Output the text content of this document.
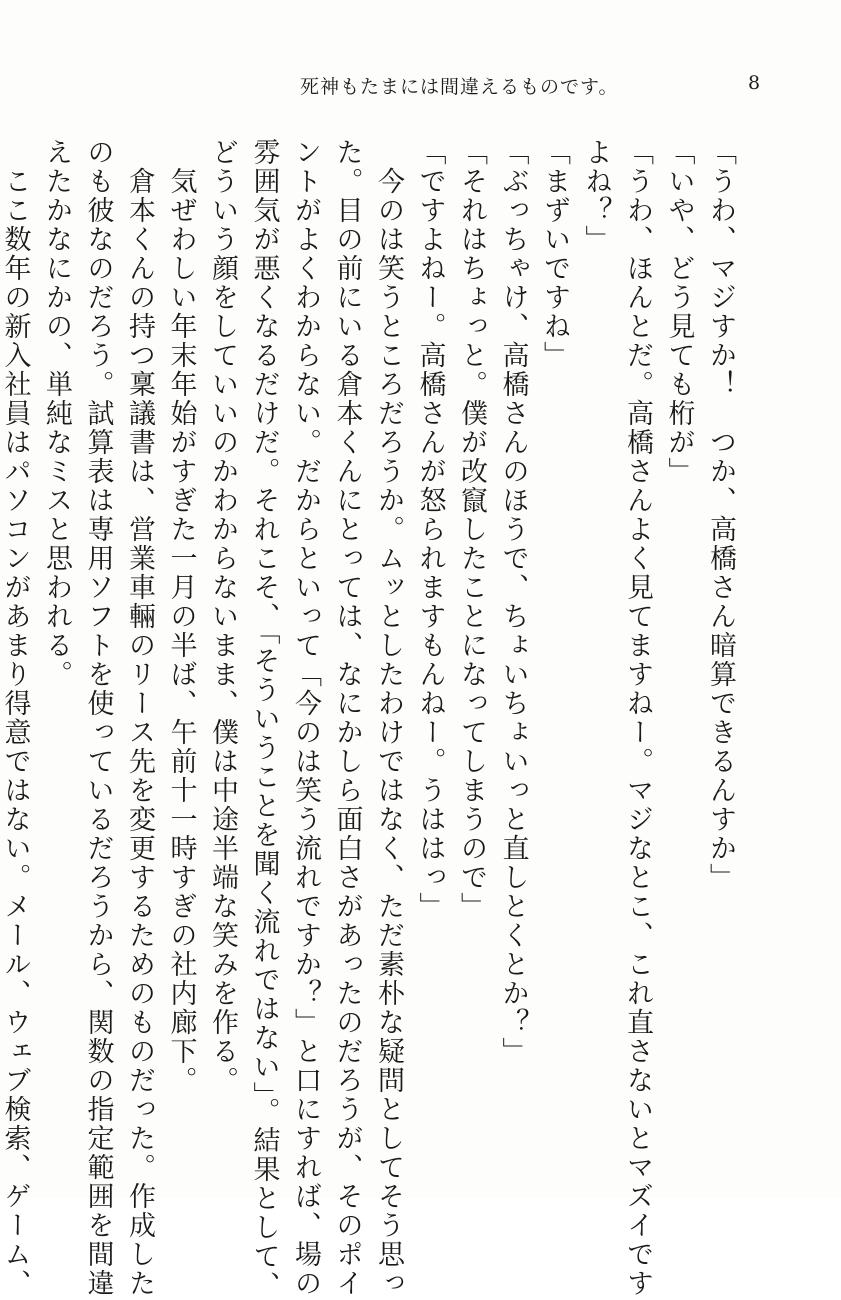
死神もたまには間違えるものです。	8
「うわ、マジすか！　つか、高橋さん暗算できるんすか」
「いや、どう見ても桁が」
「うわ、ほんとだ。高橋さんよく見てますねー。マジなとこ、これ直さないとマズイです
よね？」
「まずいですね」
「ぶっちゃけ、高橋さんのほうで、ちょいちょいっと直しとくとか？」
「それはちょっと。僕が改竄したことになってしまうので」
「ですよねー。高橋さんが怒られますもんねー。うははっ」
　今のは笑うところだろうか。ムッとしたわけではなく、ただ素朴な疑問としてそう思っ
た。目の前にいる倉本くんにとっては、なにかしら面白さがあったのだろうが、そのポイ
ントがよくわからない。だからといって「今のは笑う流れですか？」と口にすれば、場の
雰囲気が悪くなるだけだ。それこそ、「そういうことを聞く流れではない」。結果として、
どういう顔をしていいのかわからないまま、僕は中途半端な笑みを作る。
　気ぜわしい年末年始がすぎた一月の半ば、午前十一時すぎの社内廊下。
　倉本くんの持つ稟議書は、営業車輛のリース先を変更するためのものだった。作成した
のも彼なのだろう。試算表は専用ソフトを使っているだろうから、関数の指定範囲を間違
えたかなにかの、単純なミスと思われる。
　ここ数年の新入社員はパソコンがあまり得意ではない。メール、ウェブ検索、ゲーム、
